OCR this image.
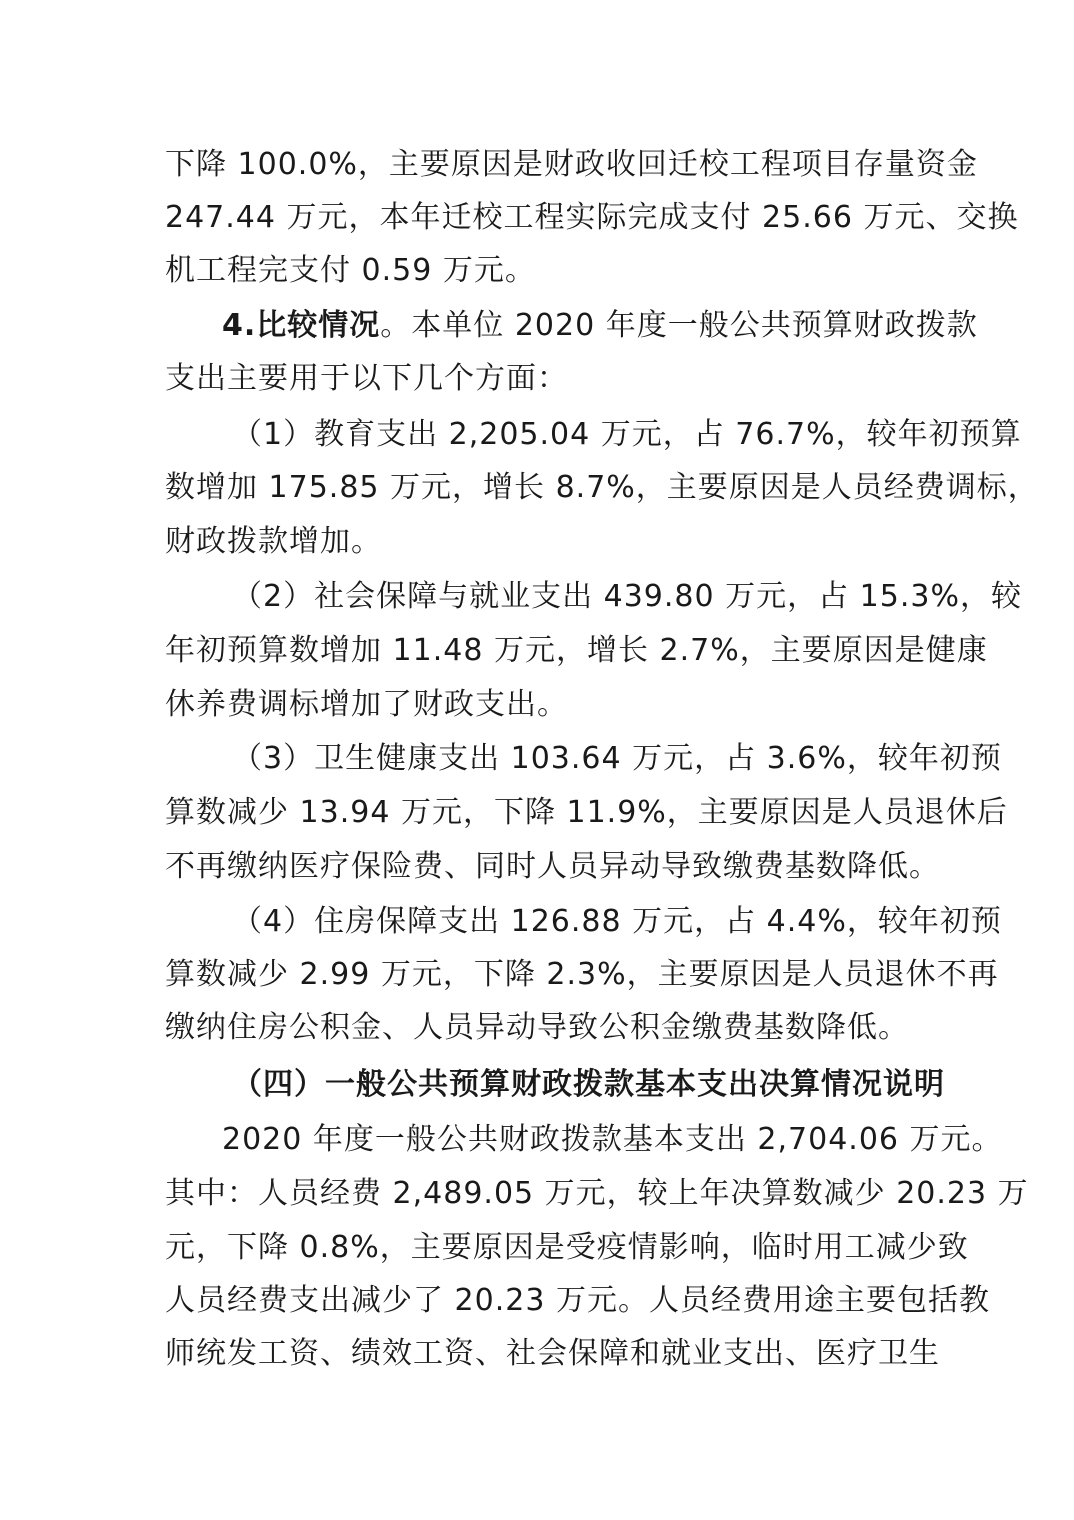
下降 100.0%，主要原因是财政收回迁校工程项目存量资金
247.44 万元，本年迁校工程实际完成支付 25.66 万元、交换
机工程完支付 0.59 万元。
4.比较情况。本单位 2020 年度一般公共预算财政拨款
支出主要用于以下几个方面：
（1）教育支出 2,205.04 万元，占 76.7%，较年初预算
数增加 175.85 万元，增长 8.7%，主要原因是人员经费调标，
财政拨款增加。
（2）社会保障与就业支出 439.80 万元，占 15.3%，较
年初预算数增加 11.48 万元，增长 2.7%，主要原因是健康
休养费调标增加了财政支出。
（3）卫生健康支出 103.64 万元，占 3.6%，较年初预
算数减少 13.94 万元，下降 11.9%，主要原因是人员退休后
不再缴纳医疗保险费、同时人员异动导致缴费基数降低。
（4）住房保障支出 126.88 万元，占 4.4%，较年初预
算数减少 2.99 万元，下降 2.3%，主要原因是人员退休不再
缴纳住房公积金、人员异动导致公积金缴费基数降低。
（四）一般公共预算财政拨款基本支出决算情况说明
2020 年度一般公共财政拨款基本支出 2,704.06 万元。
其中：人员经费 2,489.05 万元，较上年决算数减少 20.23 万
元，下降 0.8%，主要原因是受疫情影响，临时用工减少致
人员经费支出减少了 20.23 万元。人员经费用途主要包括教
师统发工资、绩效工资、社会保障和就业支出、医疗卫生
